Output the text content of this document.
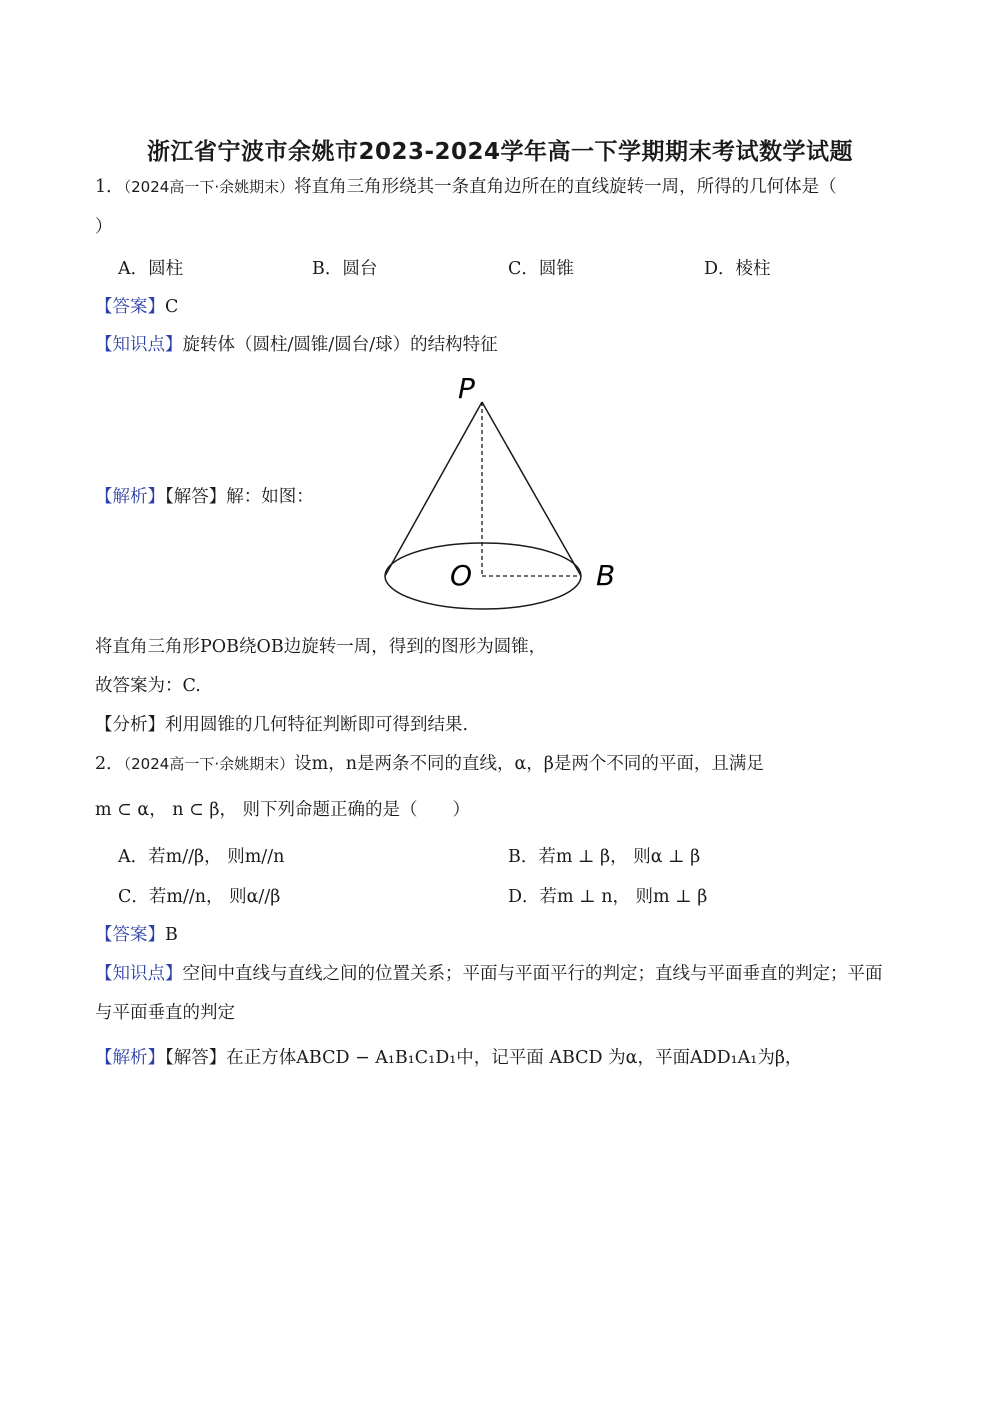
浙江省宁波市余姚市2023-2024学年高一下学期期末考试数学试题
1．（2024高一下·余姚期末）将直角三角形绕其一条直角边所在的直线旋转一周，所得的几何体是（
）
A．圆柱	B．圆台	C．圆锥	D．棱柱
【答案】C
【知识点】旋转体（圆柱/圆锥/圆台/球）的结构特征
【解析】【解答】解：如图：
P
O	B
将直角三角形POB绕OB边旋转一周，得到的图形为圆锥，
故答案为：C.
【分析】利用圆锥的几何特征判断即可得到结果.
2．（2024高一下·余姚期末）设m，n是两条不同的直线，α，β是两个不同的平面，且满足
m ⊂ α， n ⊂ β， 则下列命题正确的是（　　）
A．若m//β， 则m//n	B．若m ⊥ β， 则α ⊥ β
C．若m//n， 则α//β	D．若m ⊥ n， 则m ⊥ β
【答案】B
【知识点】空间中直线与直线之间的位置关系；平面与平面平行的判定；直线与平面垂直的判定；平面
与平面垂直的判定
【解析】【解答】在正方体ABCD − A₁B₁C₁D₁中，记平面 ABCD 为α，平面ADD₁A₁为β，
